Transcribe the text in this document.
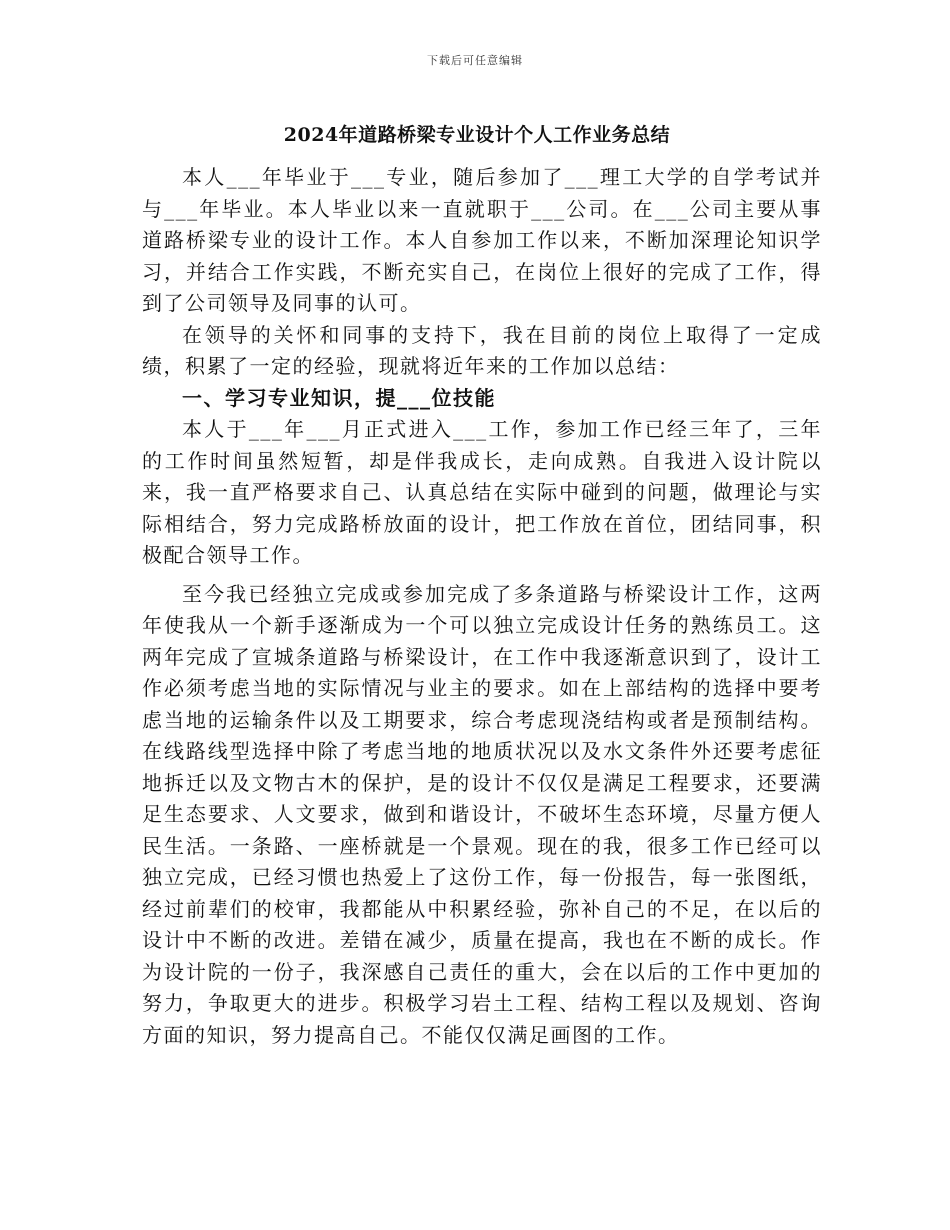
下载后可任意编辑
2024年道路桥梁专业设计个人工作业务总结

本人___年毕业于___专业，随后参加了___理工大学的自学考试并与___年毕业。本人毕业以来一直就职于___公司。在___公司主要从事道路桥梁专业的设计工作。本人自参加工作以来，不断加深理论知识学习，并结合工作实践，不断充实自己，在岗位上很好的完成了工作，得到了公司领导及同事的认可。

在领导的关怀和同事的支持下，我在目前的岗位上取得了一定成绩，积累了一定的经验，现就将近年来的工作加以总结：

一、学习专业知识，提___位技能

本人于___年___月正式进入___工作，参加工作已经三年了，三年的工作时间虽然短暂，却是伴我成长，走向成熟。自我进入设计院以来，我一直严格要求自己、认真总结在实际中碰到的问题，做理论与实际相结合，努力完成路桥放面的设计，把工作放在首位，团结同事，积极配合领导工作。

至今我已经独立完成或参加完成了多条道路与桥梁设计工作，这两年使我从一个新手逐渐成为一个可以独立完成设计任务的熟练员工。这两年完成了宣城条道路与桥梁设计，在工作中我逐渐意识到了，设计工作必须考虑当地的实际情况与业主的要求。如在上部结构的选择中要考虑当地的运输条件以及工期要求，综合考虑现浇结构或者是预制结构。在线路线型选择中除了考虑当地的地质状况以及水文条件外还要考虑征地拆迁以及文物古木的保护，是的设计不仅仅是满足工程要求，还要满足生态要求、人文要求，做到和谐设计，不破坏生态环境，尽量方便人民生活。一条路、一座桥就是一个景观。现在的我，很多工作已经可以独立完成，已经习惯也热爱上了这份工作，每一份报告，每一张图纸，经过前辈们的校审，我都能从中积累经验，弥补自己的不足，在以后的设计中不断的改进。差错在减少，质量在提高，我也在不断的成长。作为设计院的一份子，我深感自己责任的重大，会在以后的工作中更加的努力，争取更大的进步。积极学习岩土工程、结构工程以及规划、咨询方面的知识，努力提高自己。不能仅仅满足画图的工作。
